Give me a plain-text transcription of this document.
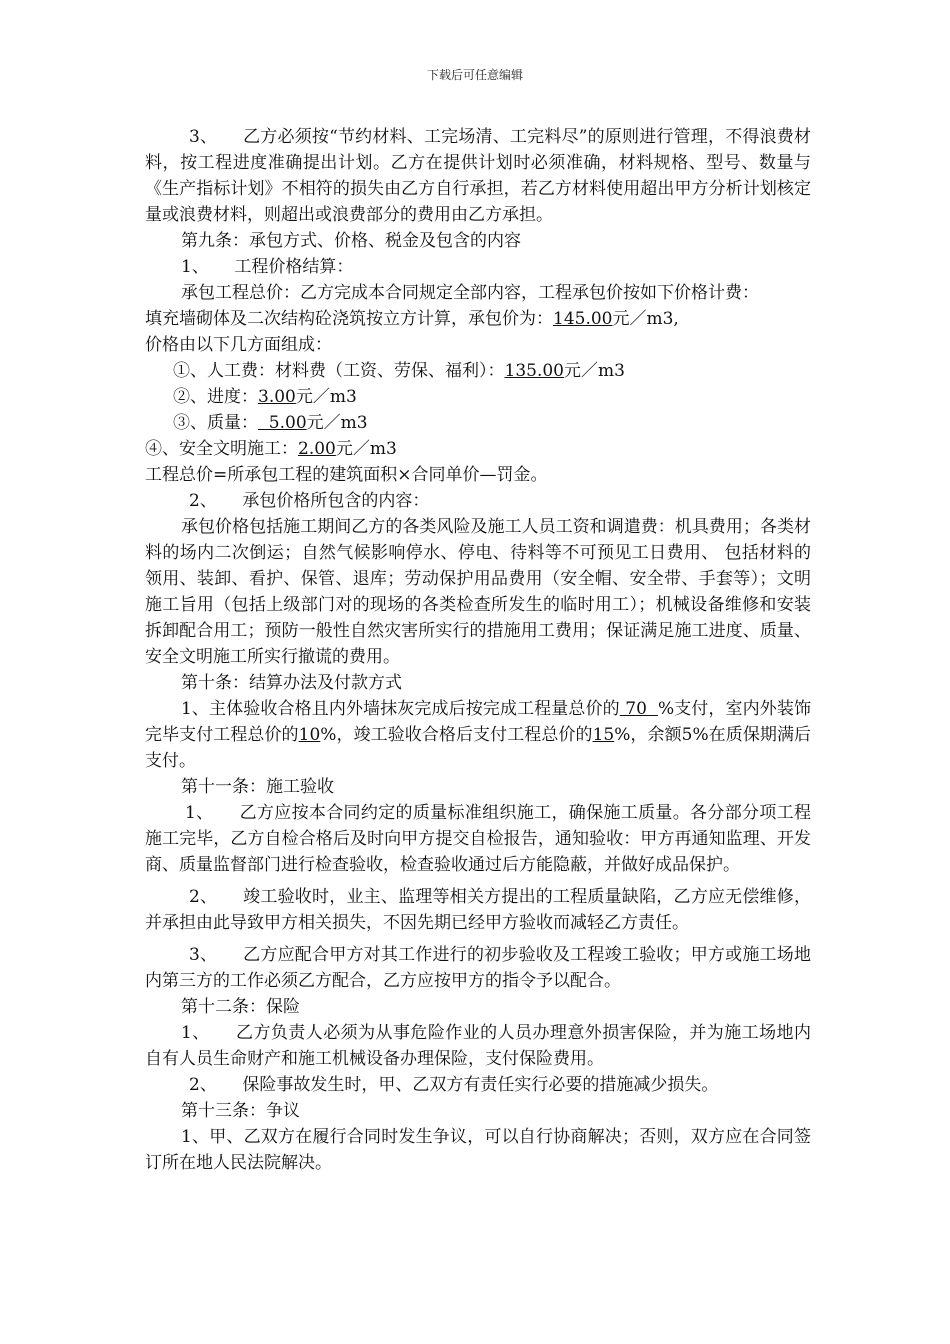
下载后可任意编辑

3、　　乙方必须按“节约材料、工完场清、工完料尽”的原则进行管理，不得浪费材料，按工程进度准确提出计划。乙方在提供计划时必须准确，材料规格、型号、数量与《生产指标计划》不相符的损失由乙方自行承担，若乙方材料使用超出甲方分析计划核定量或浪费材料，则超出或浪费部分的费用由乙方承担。

第九条：承包方式、价格、税金及包含的内容

1、　　工程价格结算：

承包工程总价：乙方完成本合同规定全部内容，工程承包价按如下价格计费：

填充墙砌体及二次结构砼浇筑按立方计算，承包价为：145.00元／m3,

价格由以下几方面组成：

①、人工费：材料费（工资、劳保、福利）：135.00元／m3

②、进度：3.00元／m3

③、质量：  5.00元／m3

④、安全文明施工：2.00元／m3

工程总价=所承包工程的建筑面积×合同单价—罚金。

2、　　承包价格所包含的内容：

承包价格包括施工期间乙方的各类风险及施工人员工资和调遣费：机具费用；各类材料的场内二次倒运；自然气候影响停水、停电、待料等不可预见工日费用、 包括材料的领用、装卸、看护、保管、退库；劳动保护用品费用（安全帽、安全带、手套等）；文明施工旨用（包括上级部门对的现场的各类检查所发生的临时用工）；机械设备维修和安装拆卸配合用工；预防一般性自然灾害所实行的措施用工费用；保证满足施工进度、质量、安全文明施工所实行撤谎的费用。

第十条：结算办法及付款方式

1、主体验收合格且内外墙抹灰完成后按完成工程量总价的 70  %支付，室内外装饰完毕支付工程总价的10%，竣工验收合格后支付工程总价的15%，余额5%在质保期满后支付。

第十一条：施工验收

1、　　乙方应按本合同约定的质量标准组织施工，确保施工质量。各分部分项工程施工完毕，乙方自检合格后及时向甲方提交自检报告，通知验收：甲方再通知监理、开发商、质量监督部门进行检查验收，检查验收通过后方能隐蔽，并做好成品保护。

2、　　竣工验收时，业主、监理等相关方提出的工程质量缺陷，乙方应无偿维修，并承担由此导致甲方相关损失，不因先期已经甲方验收而减轻乙方责任。

3、　　乙方应配合甲方对其工作进行的初步验收及工程竣工验收；甲方或施工场地内第三方的工作必须乙方配合，乙方应按甲方的指令予以配合。

第十二条：保险

1、　　乙方负责人必须为从事危险作业的人员办理意外损害保险，并为施工场地内自有人员生命财产和施工机械设备办理保险，支付保险费用。

2、　　保险事故发生时，甲、乙双方有责任实行必要的措施减少损失。

第十三条：争议

1、甲、乙双方在履行合同时发生争议，可以自行协商解决；否则，双方应在合同签订所在地人民法院解决。
